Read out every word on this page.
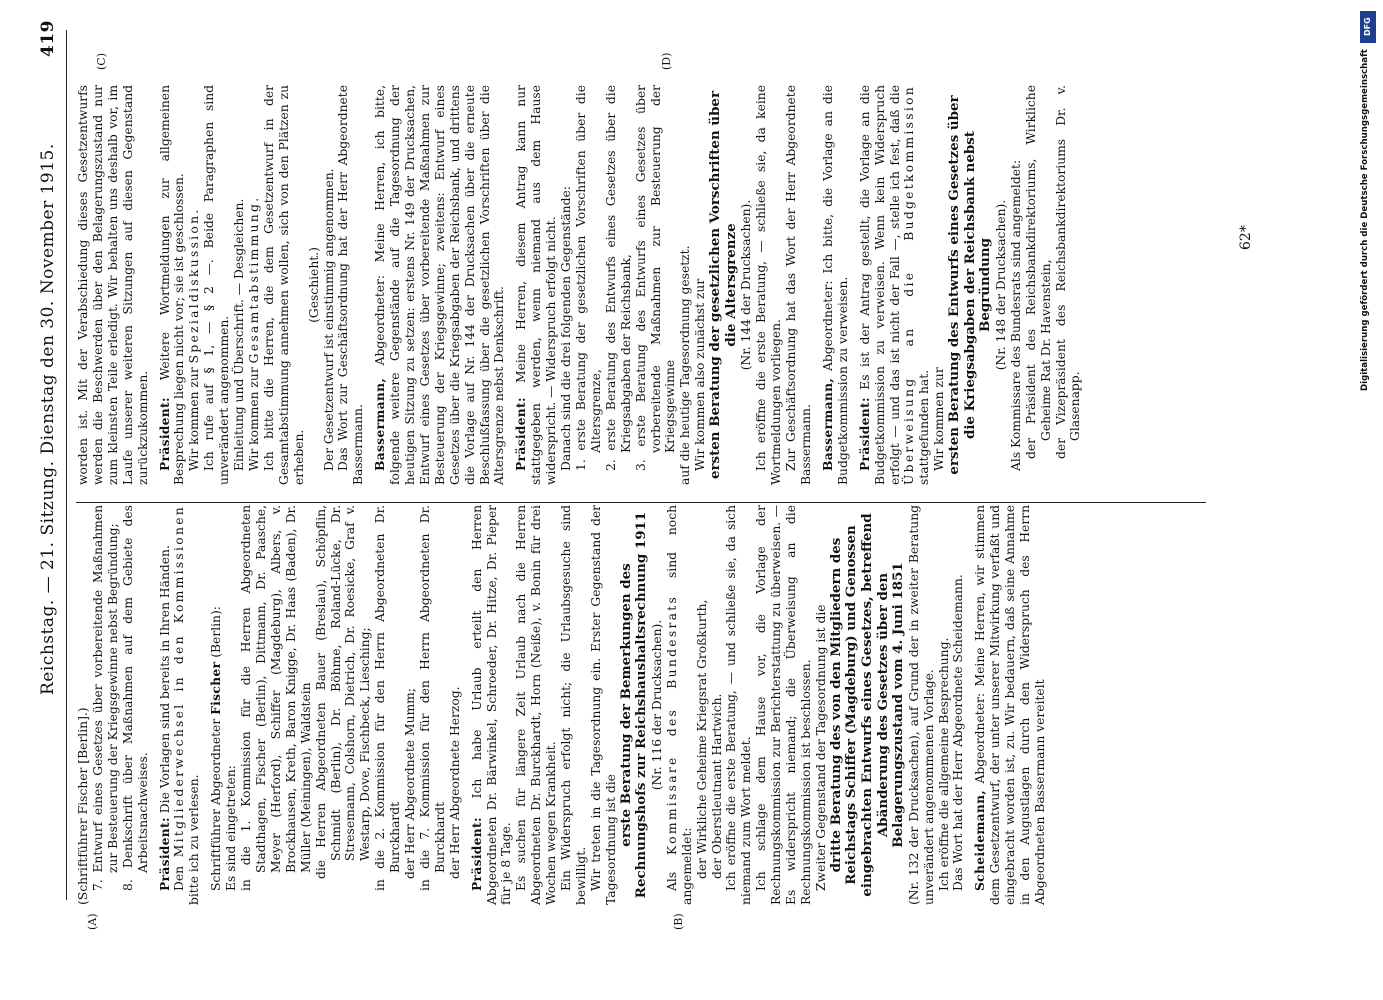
Reichstag. — 21. Sitzung. Dienstag den 30. November 1915.
419
(A)	(B)
(C)	(D)

(Schriftführer Fischer [Berlin].) 7. Entwurf eines Gesetzes über vorbereitende Maßnahmen zur Besteuerung der Kriegsgewinne nebst Begründung; 8. Denkschrift über Maßnahmen auf dem Gebiete des Arbeitsnachweises. Präsident: Die Vorlagen sind bereits in Ihren Händen.

Den Mitgliederwechsel in den Kommissionen bitte ich zu verlesen. Schriftführer Abgeordneter Fischer (Berlin):

Es sind eingetreten: in die 1. Kommission für die Herren Abgeordneten Stadthagen, Fischer (Berlin), Dittmann, Dr. Paasche, Meyer (Herford), Schiffer (Magdeburg), Albers, v. Brockhausen, Kreth, Baron Knigge, Dr. Haas (Baden), Dr. Müller (Meiningen), Waldstein die Herren Abgeordneten Bauer (Breslau), Schöpflin, Schmidt (Berlin), Dr. Böhme, Roland-Lücke, Dr. Stresemann, Colshorn, Dietrich, Dr. Roesicke, Graf v. Westarp, Dove, Fischbeck, Liesching; in die 2. Kommission für den Herrn Abgeordneten Dr. Burckhardt der Herr Abgeordnete Mumm; in die 7. Kommission für den Herrn Abgeordneten Dr. Burckhardt der Herr Abgeordnete Herzog. Präsident: Ich habe Urlaub erteilt den Herren Abgeordneten Dr. Bärwinkel, Schroeder, Dr. Hitze, Dr. Pieper für je 8 Tage. Es suchen für längere Zeit Urlaub nach die Herren Abgeordneten Dr. Burckhardt, Horn (Neiße), v. Bonin für drei Wochen wegen Krankheit. Ein Widerspruch erfolgt nicht; die Urlaubsgesuche sind bewilligt. Wir treten in die Tagesordnung ein. Erster Gegenstand der Tagesordnung ist die erste Beratung der Bemerkungen des Rechnungshofs zur Reichshaushaltsrechnung 1911 (Nr. 116 der Drucksachen).

Als Kommissare des Bundesrats sind noch angemeldet: der Wirkliche Geheime Kriegsrat Großkurth, der Oberstleutnant Hartwich. Ich eröffne die erste Beratung, — und schließe sie, da sich niemand zum Wort meldet. Ich schlage dem Hause vor, die Vorlage der Rechnungskommission zur Berichterstattung zu überweisen. — Es widerspricht niemand; die Überweisung an die Rechnungskommission ist beschlossen. Zweiter Gegenstand der Tagesordnung ist die dritte Beratung des von den Mitgliedern des Reichstags Schiffer (Magdeburg) und Genossen eingebrachten Entwurfs eines Gesetzes, betreffend Abänderung des Gesetzes über den Belagerungszustand vom 4. Juni 1851 (Nr. 132 der Drucksachen), auf Grund der in zweiter Beratung unverändert angenommenen Vorlage. Ich eröffne die allgemeine Besprechung. Das Wort hat der Herr Abgeordnete Scheidemann. Scheidemann, Abgeordneter: Meine Herren, wir stimmen dem Gesetzentwurf, der unter unserer Mitwirkung verfaßt und eingebracht worden ist, zu. Wir bedauern, daß seine Annahme in den Augustlagen durch den Widerspruch des Herrn Abgeordneten Bassermann vereitelt

worden ist. Mit der Verabschiedung dieses Gesetzentwurfs werden die Beschwerden über den Belagerungszustand nur zum kleinsten Teile erledigt. Wir behalten uns deshalb vor, im Laufe unserer weiteren Sitzungen auf diesen Gegenstand zurückzukommen. Präsident: Weitere Wortmeldungen zur allgemeinen Besprechung liegen nicht vor; sie ist geschlossen. Wir kommen zur Spezialdiskussion. Ich rufe auf § 1, — § 2 —. Beide Paragraphen sind unverändert angenommen. Einleitung und Überschrift. — Desgleichen. Wir kommen zur Gesamtabstimmung. Ich bitte die Herren, die dem Gesetzentwurf in der Gesamtabstimmung annehmen wollen, sich von den Plätzen zu erheben.

(Geschieht.) Der Gesetzentwurf ist einstimmig angenommen. Das Wort zur Geschäftsordnung hat der Herr Abgeordnete Bassermann. Bassermann, Abgeordneter: Meine Herren, ich bitte, folgende weitere Gegenstände auf die Tagesordnung der heutigen Sitzung zu setzen: erstens Nr. 149 der Drucksachen, Entwurf eines Gesetzes über vorbereitende Maßnahmen zur Besteuerung der Kriegsgewinne; zweitens: Entwurf eines Gesetzes über die Kriegsabgaben der Reichsbank, und drittens die Vorlage auf Nr. 144 der Drucksachen über die erneute Beschlußfassung über die gesetzlichen Vorschriften über die Altersgrenze nebst Denkschrift. Präsident: Meine Herren, diesem Antrag kann nur stattgegeben werden, wenn niemand aus dem Hause widerspricht. — Widerspruch erfolgt nicht. Danach sind die drei folgenden Gegenstände: 1. erste Beratung der gesetzlichen Vorschriften über die Altersgrenze, 2. erste Beratung des Entwurfs eines Gesetzes über die Kriegsabgaben der Reichsbank, 3. erste Beratung des Entwurfs eines Gesetzes über vorbereitende Maßnahmen zur Besteuerung der Kriegsgewinne auf die heutige Tagesordnung gesetzt. Wir kommen also zunächst zur ersten Beratung der gesetzlichen Vorschriften über die Altersgrenze (Nr. 144 der Drucksachen). Ich eröffne die erste Beratung, — schließe sie, da keine Wortmeldungen vorliegen. Zur Geschäftsordnung hat das Wort der Herr Abgeordnete Bassermann. Bassermann, Abgeordneter: Ich bitte, die Vorlage an die Budgetkommission zu verweisen. Präsident: Es ist der Antrag gestellt, die Vorlage an die Budgetkommission zu verweisen. Wenn kein Widerspruch erfolgt — und das ist nicht der Fall —, stelle ich fest, daß die Überweisung an die Budgetkommission stattgefunden hat. Wir kommen zur ersten Beratung des Entwurfs eines Gesetzes über die Kriegsabgaben der Reichsbank nebst Begründung (Nr. 148 der Drucksachen). Als Kommissare des Bundesrats sind angemeldet: der Präsident des Reichsbankdirektoriums, Wirkliche Geheime Rat Dr. Havenstein, der Vizepräsident des Reichsbankdirektoriums Dr. v. Glasenapp.

62*
DFG
Digitalisierung gefördert durch die Deutsche Forschungsgemeinschaft
